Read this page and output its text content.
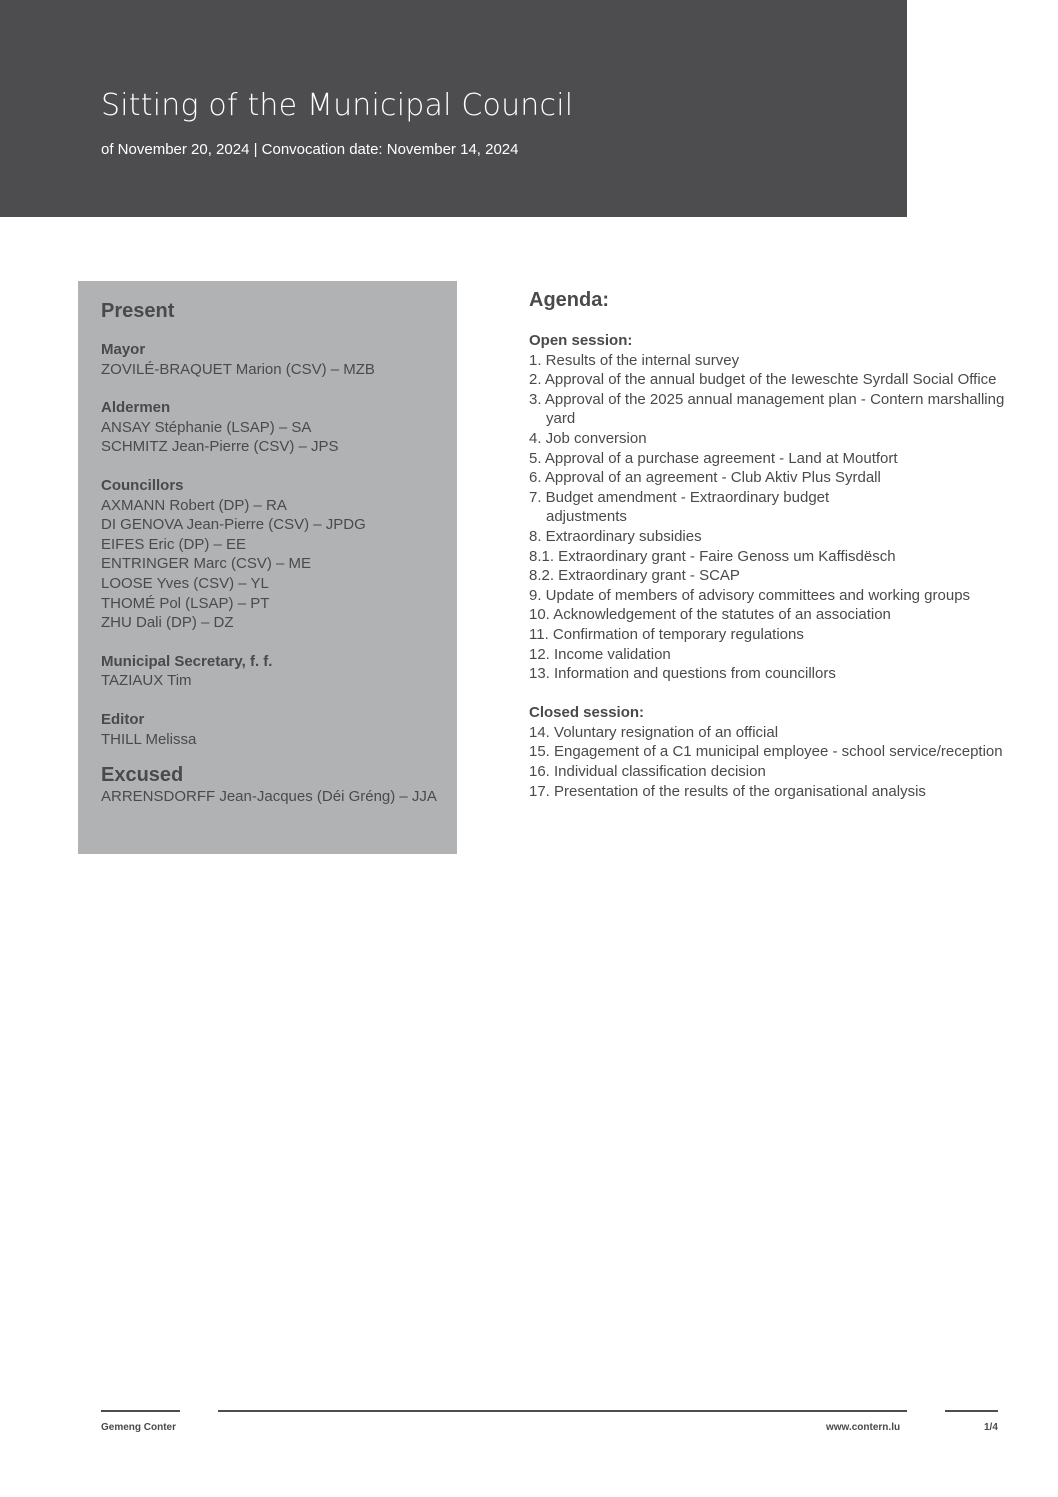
Sitting of the Municipal Council
of November 20, 2024 | Convocation date: November 14, 2024
Present
Mayor
ZOVILÉ-BRAQUET Marion (CSV) – MZB
Aldermen
ANSAY Stéphanie (LSAP) – SA
SCHMITZ Jean-Pierre (CSV) – JPS
Councillors
AXMANN Robert (DP) – RA
DI GENOVA Jean-Pierre (CSV) – JPDG
EIFES Eric (DP) – EE
ENTRINGER Marc (CSV) – ME
LOOSE Yves (CSV) – YL
THOMÉ Pol (LSAP) – PT
ZHU Dali (DP) – DZ
Municipal Secretary, f. f.
TAZIAUX Tim
Editor
THILL Melissa
Excused
ARRENSDORFF Jean-Jacques (Déi Gréng) – JJA
Agenda:
Open session:
1. Results of the internal survey
2. Approval of the annual budget of the Ieweschte Syrdall Social Office
3. Approval of the 2025 annual management plan - Contern marshalling yard
4. Job conversion
5. Approval of a purchase agreement - Land at Moutfort
6. Approval of an agreement - Club Aktiv Plus Syrdall
7. Budget amendment - Extraordinary budget
adjustments
8. Extraordinary subsidies
8.1. Extraordinary grant - Faire Genoss um Kaffisdësch
8.2. Extraordinary grant - SCAP
9. Update of members of advisory committees and working groups
10. Acknowledgement of the statutes of an association
11. Confirmation of temporary regulations
12. Income validation
13. Information and questions from councillors
Closed session:
14. Voluntary resignation of an official
15. Engagement of a C1 municipal employee - school service/reception
16. Individual classification decision
17. Presentation of the results of the organisational analysis
Gemeng Conter	www.contern.lu	1/4
